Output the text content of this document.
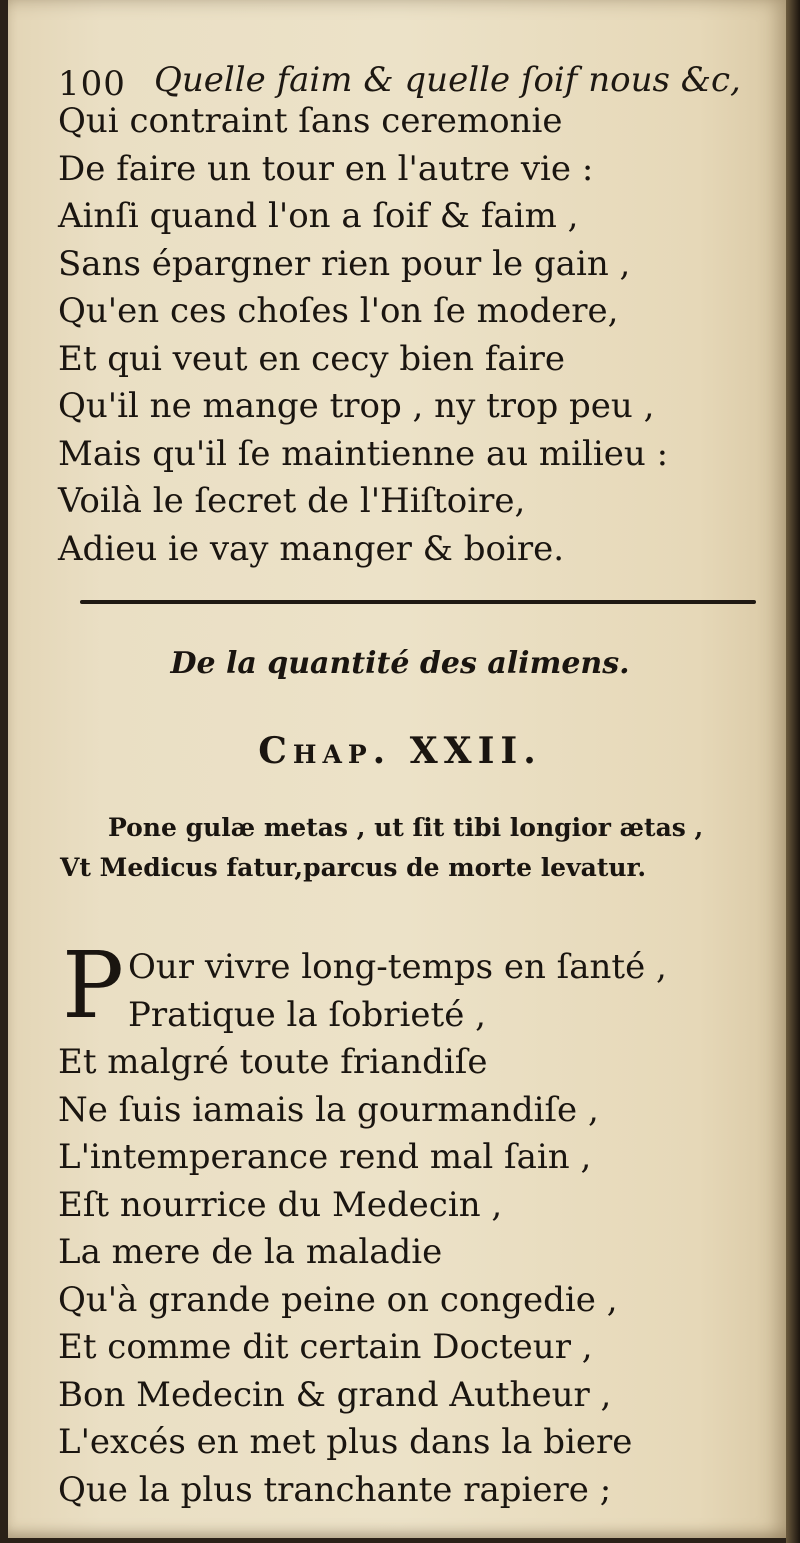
100 Quelle faim & quelle ſoif nous &c,
Qui contraint ſans ceremonie
De faire un tour en l'autre vie :
Ainſi quand l'on a ſoif & faim ,
Sans épargner rien pour le gain ,
Qu'en ces choſes l'on ſe modere,
Et qui veut en cecy bien faire
Qu'il ne mange trop , ny trop peu ,
Mais qu'il ſe maintienne au milieu :
Voilà le ſecret de l'Hiſtoire,
Adieu ie vay manger & boire.
De la quantité des alimens.
Chap. XXII.
Pone gulæ metas , ut ſit tibi longior ætas ,
Vt Medicus fatur,parcus de morte levatur.
P Our vivre long-temps en ſanté ,
Pratique la ſobrieté ,
Et malgré toute friandiſe
Ne ſuis iamais la gourmandiſe ,
L'intemperance rend mal ſain ,
Eſt nourrice du Medecin ,
La mere de la maladie
Qu'à grande peine on congedie ,
Et comme dit certain Docteur ,
Bon Medecin & grand Autheur ,
L'excés en met plus dans la biere
Que la plus tranchante rapiere ;
